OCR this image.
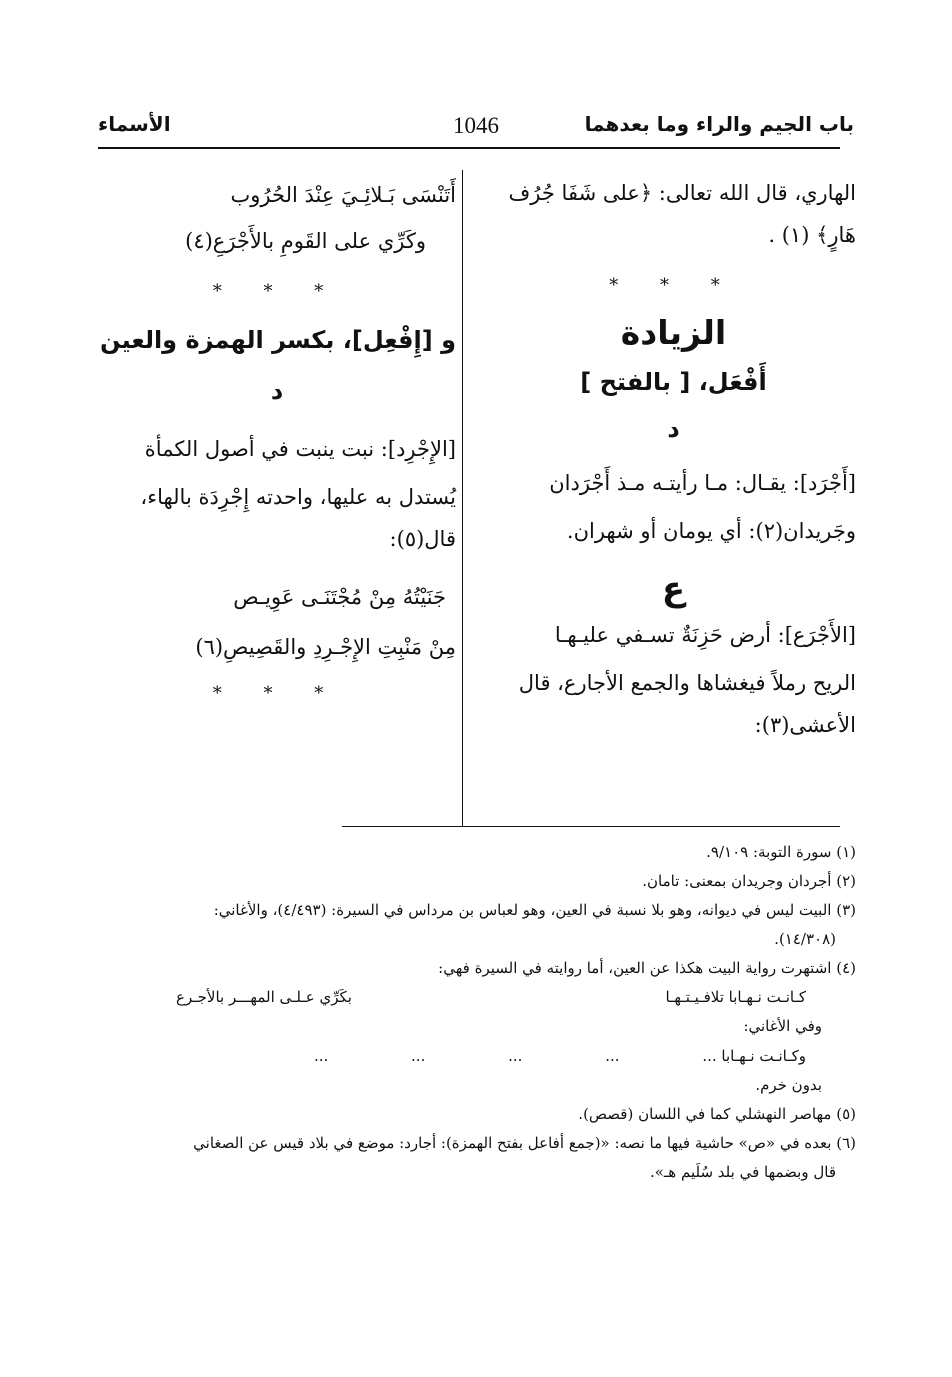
باب الجيم والراء وما بعدهما
1046
الأسماء
الهاري، قال الله تعالى: ﴿على شَفَا جُرُف
هَارٍ﴾ (١) .
* * *
الزيادة
أَفْعَل، [ بالفتح ]
د
[أَجْرَد]: يقـال: مـا رأيتـه مـذ أَجْرَدان
وجَريدان(٢): أي يومان أو شهران.
ع
[الأَجْرَع]: أرض حَزِنَةٌ تسـفي عليـهـا
الريح رملاً فيغشاها والجمع الأجارع، قال
الأعشى(٣):
أَتَنْسَى بَـلائِـيَ عِنْدَ الحُرُوب
وكَرِّي على القَومِ بالأَجْرَعِ(٤)
* * *
و [إِفْعِل]، بكسر الهمزة والعين
د
[الإِجْرِد]: نبت ينبت في أصول الكمأة
يُستدل به عليها، واحدته إِجْرِدَة بالهاء،
قال(٥):
جَنَيْتُهُ مِنْ مُجْتَنَـى عَوِيـص
مِنْ مَنْبِتِ الإِجْـرِدِ والقَصِيصِ(٦)
* * *
(١) سورة التوبة: ٩/١٠٩.
(٢) أجردان وجريدان بمعنى: تامان.
(٣) البيت ليس في ديوانه، وهو بلا نسبة في العين، وهو لعباس بن مرداس في السيرة: (٤/٤٩٣)، والأغاني:
(١٤/٣٠٨).
(٤) اشتهرت رواية البيت هكذا عن العين، أما روايته في السيرة فهي:
كـانـت نـهـابا تلافـيـتـهـا
بكَرِّي عـلـى المهـــر بالأجـرع
وفي الأغاني:
وكـانـت نـهـابا ... ... ... ... ...
بدون خرم.
(٥) مهاصر النهشلي كما في اللسان (قصص).
(٦) بعده في «ص» حاشية فيها ما نصه: «(جمع أفاعل بفتح الهمزة): أجارد: موضع في بلاد قيس عن الصغاني
قال وبضمها في بلد سُلَيم هـ».
